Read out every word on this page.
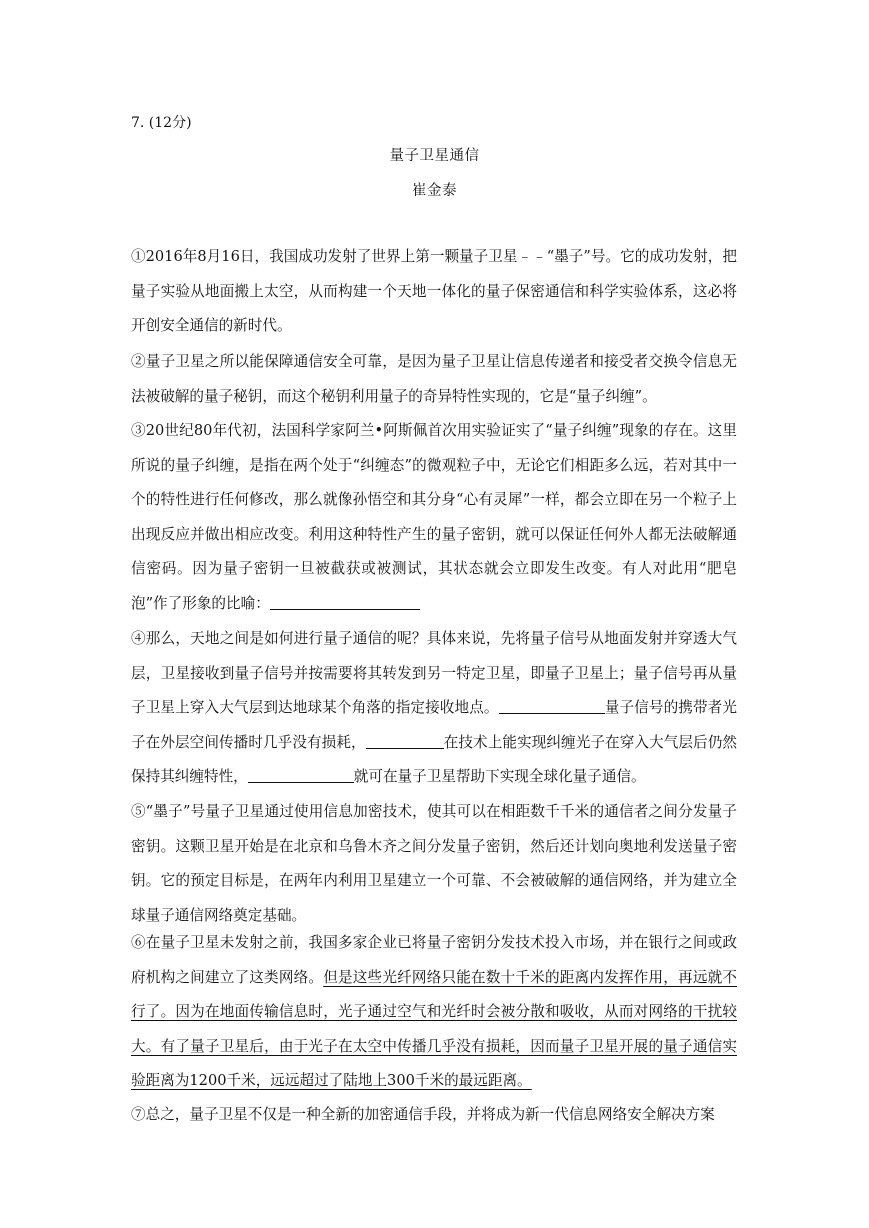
7. (12分)
量子卫星通信
崔金泰
①2016年8月16日，我国成功发射了世界上第一颗量子卫星﹣﹣“墨子”号。它的成功发射，把量子实验从地面搬上太空，从而构建一个天地一体化的量子保密通信和科学实验体系，这必将开创安全通信的新时代。
②量子卫星之所以能保障通信安全可靠，是因为量子卫星让信息传递者和接受者交换令信息无法被破解的量子秘钥，而这个秘钥利用量子的奇异特性实现的，它是“量子纠缠”。
③20世纪80年代初，法国科学家阿兰•阿斯佩首次用实验证实了“量子纠缠”现象的存在。这里所说的量子纠缠，是指在两个处于“纠缠态”的微观粒子中，无论它们相距多么远，若对其中一个的特性进行任何修改，那么就像孙悟空和其分身“心有灵犀”一样，都会立即在另一个粒子上出现反应并做出相应改变。利用这种特性产生的量子密钥，就可以保证任何外人都无法破解通信密码。因为量子密钥一旦被截获或被测试，其状态就会立即发生改变。有人对此用“肥皂泡”作了形象的比喻：
④那么，天地之间是如何进行量子通信的呢？具体来说，先将量子信号从地面发射并穿透大气层，卫星接收到量子信号并按需要将其转发到另一特定卫星，即量子卫星上；量子信号再从量子卫星上穿入大气层到达地球某个角落的指定接收地点。	量子信号的携带者光子在外层空间传播时几乎没有损耗，	在技术上能实现纠缠光子在穿入大气层后仍然保持其纠缠特性，	就可在量子卫星帮助下实现全球化量子通信。
⑤“墨子”号量子卫星通过使用信息加密技术，使其可以在相距数千千米的通信者之间分发量子密钥。这颗卫星开始是在北京和乌鲁木齐之间分发量子密钥，然后还计划向奥地利发送量子密钥。它的预定目标是，在两年内利用卫星建立一个可靠、不会被破解的通信网络，并为建立全球量子通信网络奠定基础。
⑥在量子卫星未发射之前，我国多家企业已将量子密钥分发技术投入市场，并在银行之间或政府机构之间建立了这类网络。但是这些光纤网络只能在数十千米的距离内发挥作用，再远就不行了。因为在地面传输信息时，光子通过空气和光纤时会被分散和吸收，从而对网络的干扰较大。有了量子卫星后，由于光子在太空中传播几乎没有损耗，因而量子卫星开展的量子通信实验距离为1200千米，远远超过了陆地上300千米的最远距离。
⑦总之，量子卫星不仅是一种全新的加密通信手段，并将成为新一代信息网络安全解决方案
